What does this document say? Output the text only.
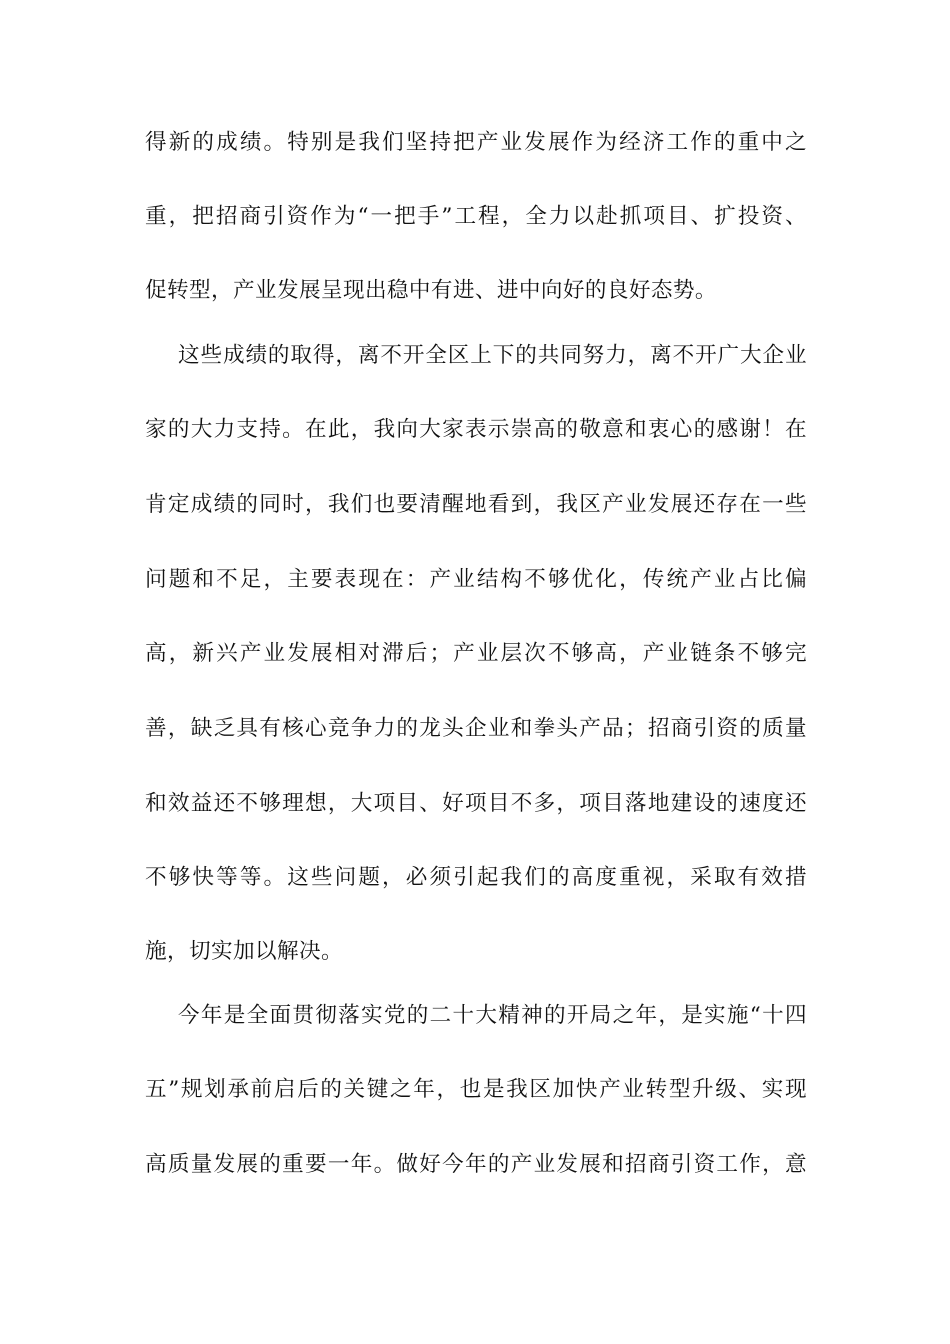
得新的成绩。特别是我们坚持把产业发展作为经济工作的重中之
重，把招商引资作为“一把手”工程，全力以赴抓项目、扩投资、
促转型，产业发展呈现出稳中有进、进中向好的良好态势。
这些成绩的取得，离不开全区上下的共同努力，离不开广大企业
家的大力支持。在此，我向大家表示崇高的敬意和衷心的感谢！在
肯定成绩的同时，我们也要清醒地看到，我区产业发展还存在一些
问题和不足，主要表现在：产业结构不够优化，传统产业占比偏
高，新兴产业发展相对滞后；产业层次不够高，产业链条不够完
善，缺乏具有核心竞争力的龙头企业和拳头产品；招商引资的质量
和效益还不够理想，大项目、好项目不多，项目落地建设的速度还
不够快等等。这些问题，必须引起我们的高度重视，采取有效措
施，切实加以解决。
今年是全面贯彻落实党的二十大精神的开局之年，是实施“十四
五”规划承前启后的关键之年，也是我区加快产业转型升级、实现
高质量发展的重要一年。做好今年的产业发展和招商引资工作，意
